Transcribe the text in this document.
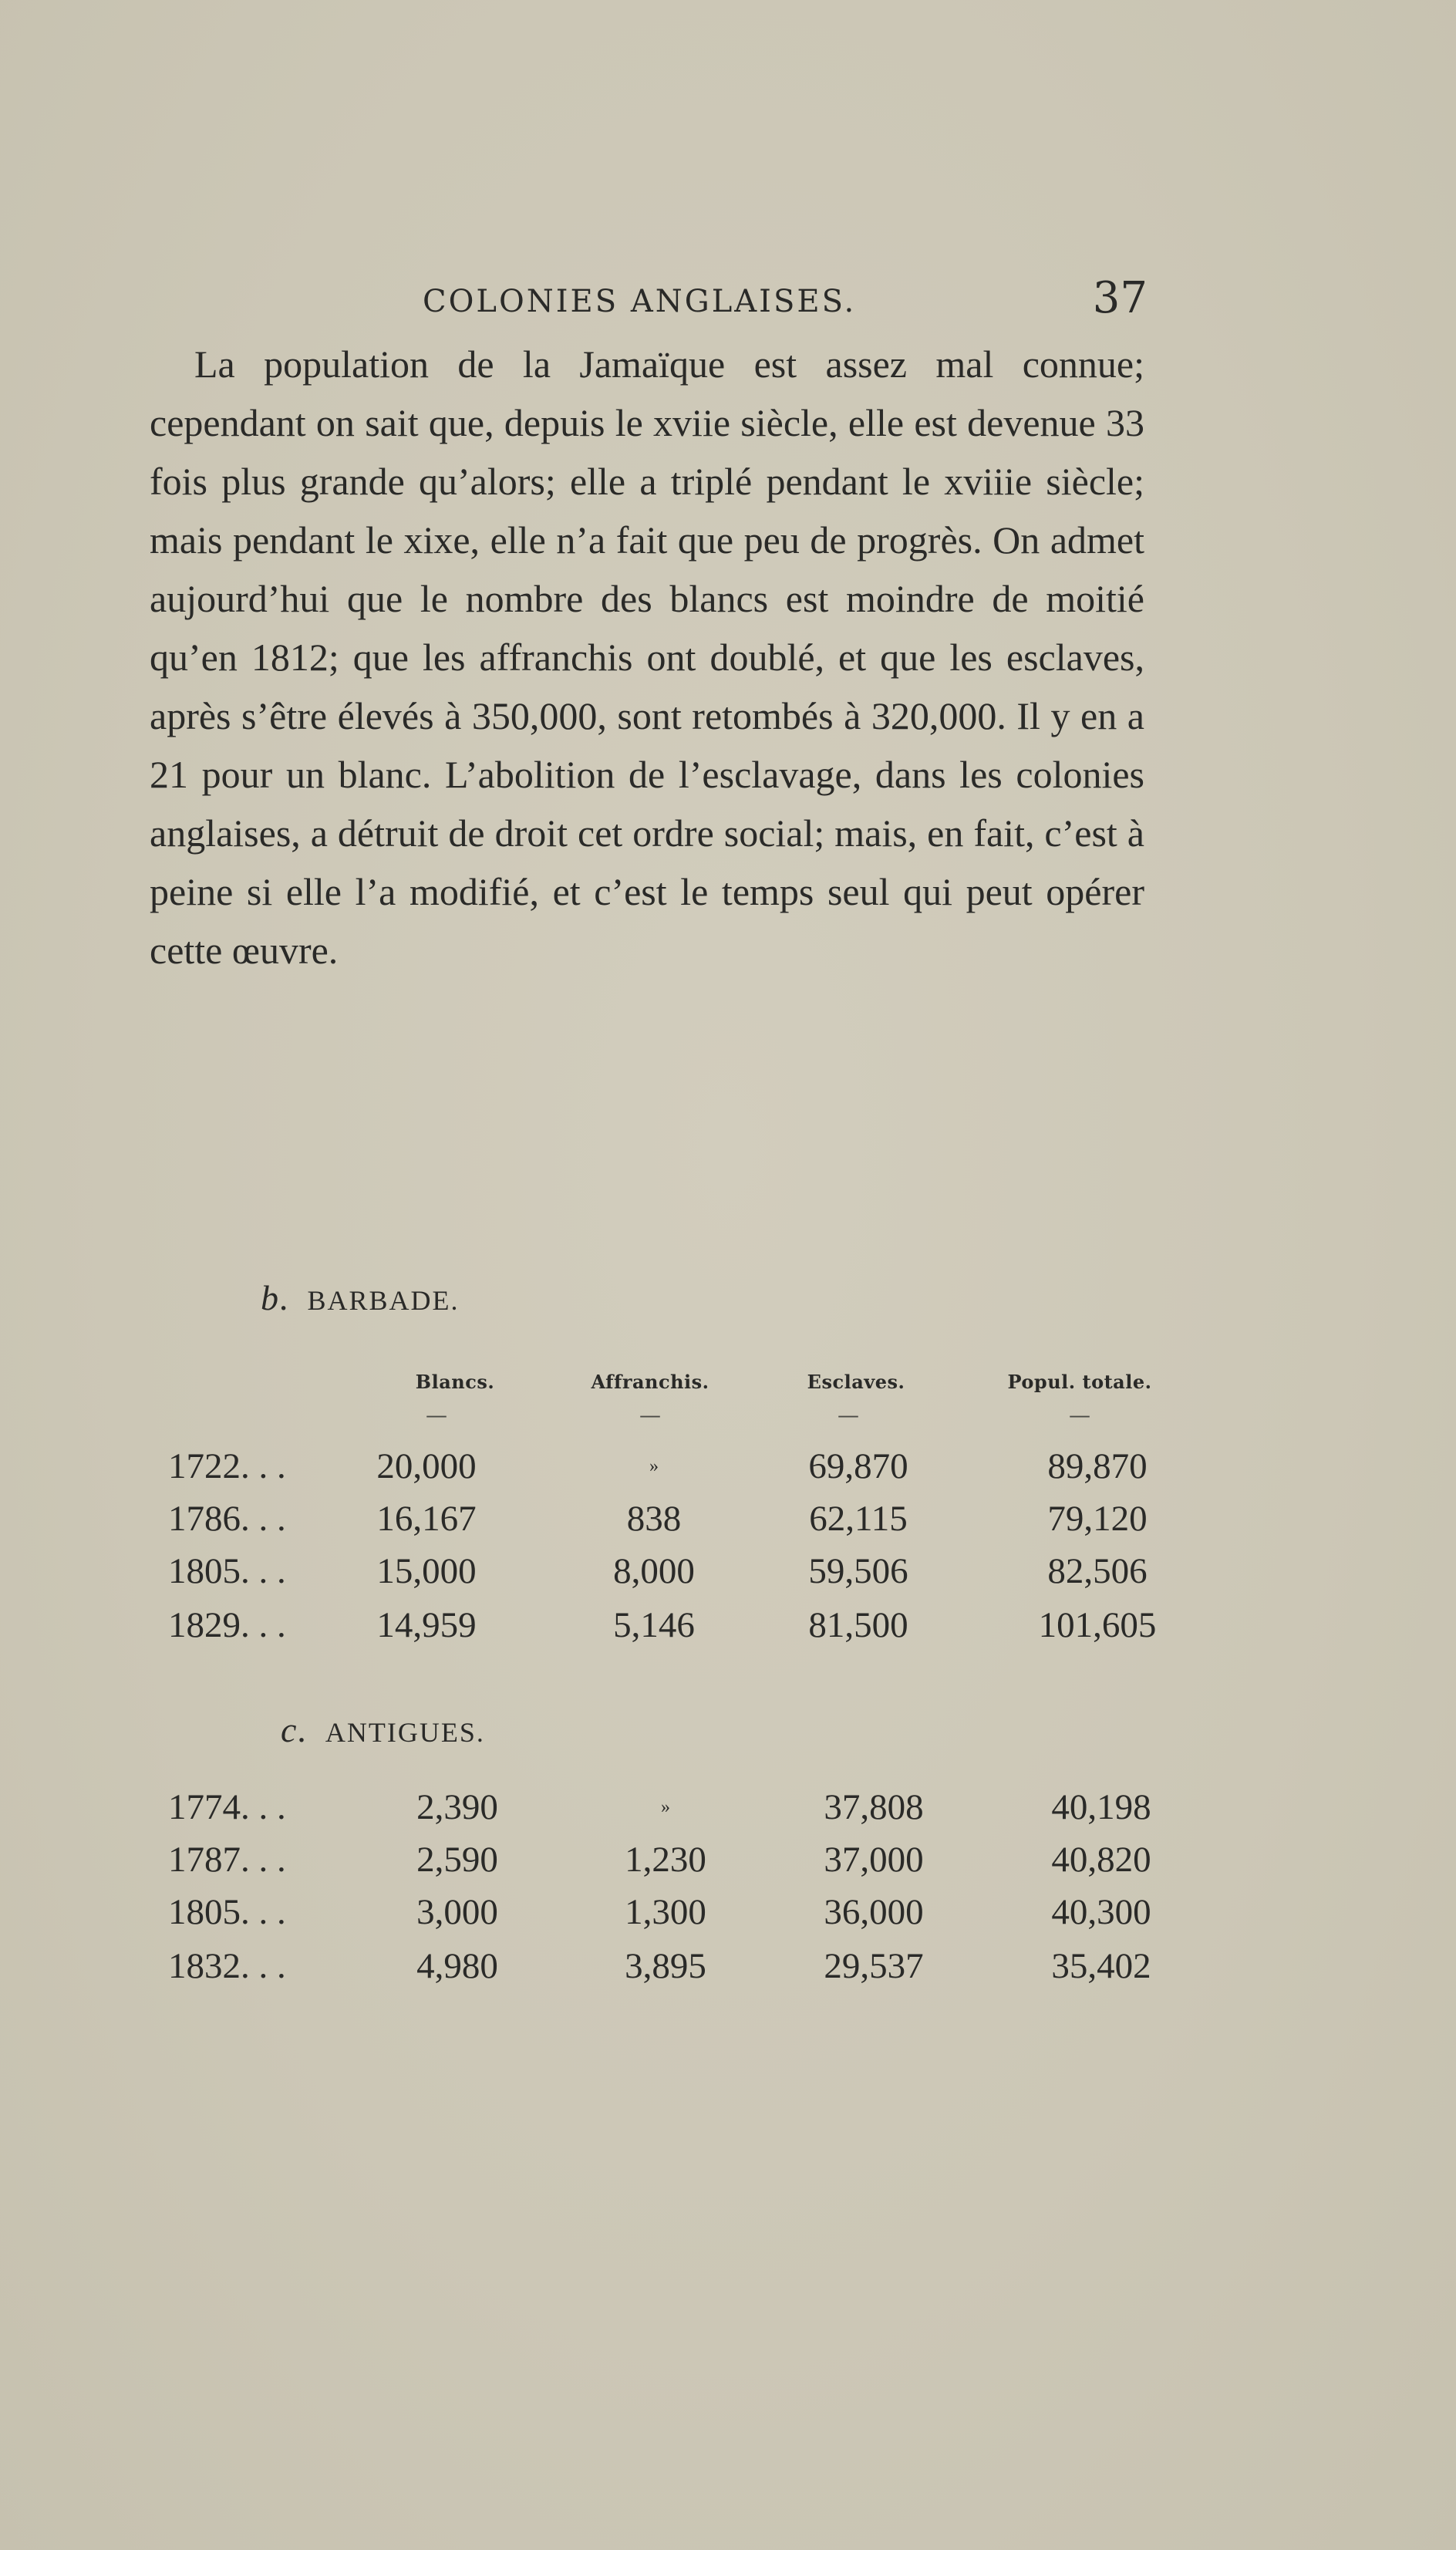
COLONIES ANGLAISES.	37

La population de la Jamaïque est assez mal connue; cependant on sait que, depuis le xviie siècle, elle est devenue 33 fois plus grande qu’alors; elle a triplé pendant le xviiie siècle; mais pendant le xixe, elle n’a fait que peu de progrès. On admet aujourd’hui que le nombre des blancs est moindre de moitié qu’en 1812; que les affranchis ont doublé, et que les esclaves, après s’être élevés à 350,000, sont retombés à 320,000. Il y en a 21 pour un blanc. L’abolition de l’esclavage, dans les colonies anglaises, a détruit de droit cet ordre social; mais, en fait, c’est à peine si elle l’a modifié, et c’est le temps seul qui peut opérer cette œuvre.

b. BARBADE.
Blancs.	Affranchis.	Esclaves.	Popul. totale.
—	—	—	—
1722. . .	20,000	»	69,870	89,870
1786. . .	16,167	838	62,115	79,120
1805. . .	15,000	8,000	59,506	82,506
1829. . .	14,959	5,146	81,500	101,605
c. ANTIGUES.
1774. . .	2,390	»	37,808	40,198
1787. . .	2,590	1,230	37,000	40,820
1805. . .	3,000	1,300	36,000	40,300
1832. . .	4,980	3,895	29,537	35,402
